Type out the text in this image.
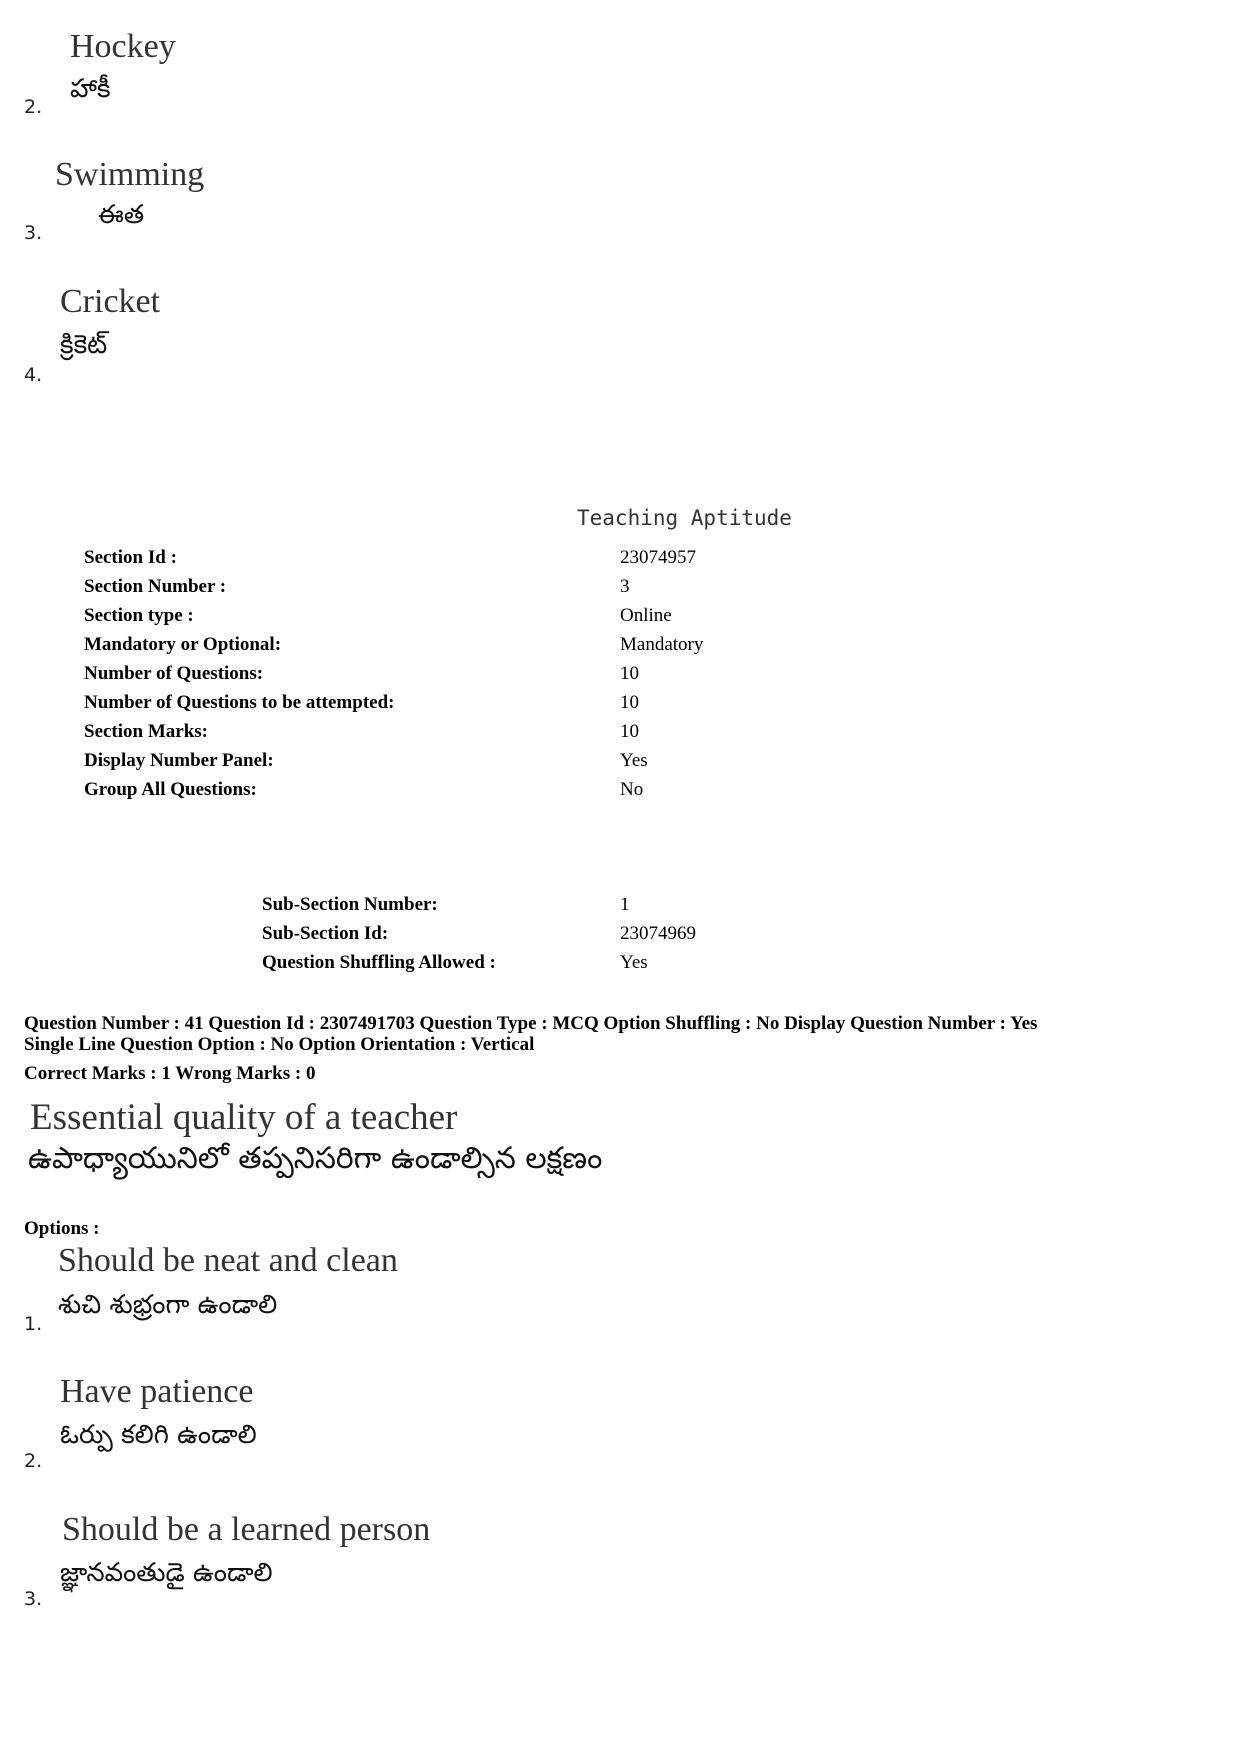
Hockey
హాకీ
2.
Swimming
ఈత
3.
Cricket
క్రికెట్
4.
Teaching Aptitude
Section Id :	23074957
Section Number :	3
Section type :	Online
Mandatory or Optional:	Mandatory
Number of Questions:	10
Number of Questions to be attempted:	10
Section Marks:	10
Display Number Panel:	Yes
Group All Questions:	No
Sub-Section Number:	1
Sub-Section Id:	23074969
Question Shuffling Allowed :	Yes
Question Number : 41 Question Id : 2307491703 Question Type : MCQ Option Shuffling : No Display Question Number : Yes
Single Line Question Option : No Option Orientation : Vertical
Correct Marks : 1 Wrong Marks : 0
Essential quality of a teacher
ఉపాధ్యాయునిలో తప్పనిసరిగా ఉండాల్సిన లక్షణం
Options :
Should be neat and clean
శుచి శుభ్రంగా ఉండాలి
1.
Have patience
ఓర్పు కలిగి ఉండాలి
2.
Should be a learned person
జ్ఞానవంతుడై ఉండాలి
3.
